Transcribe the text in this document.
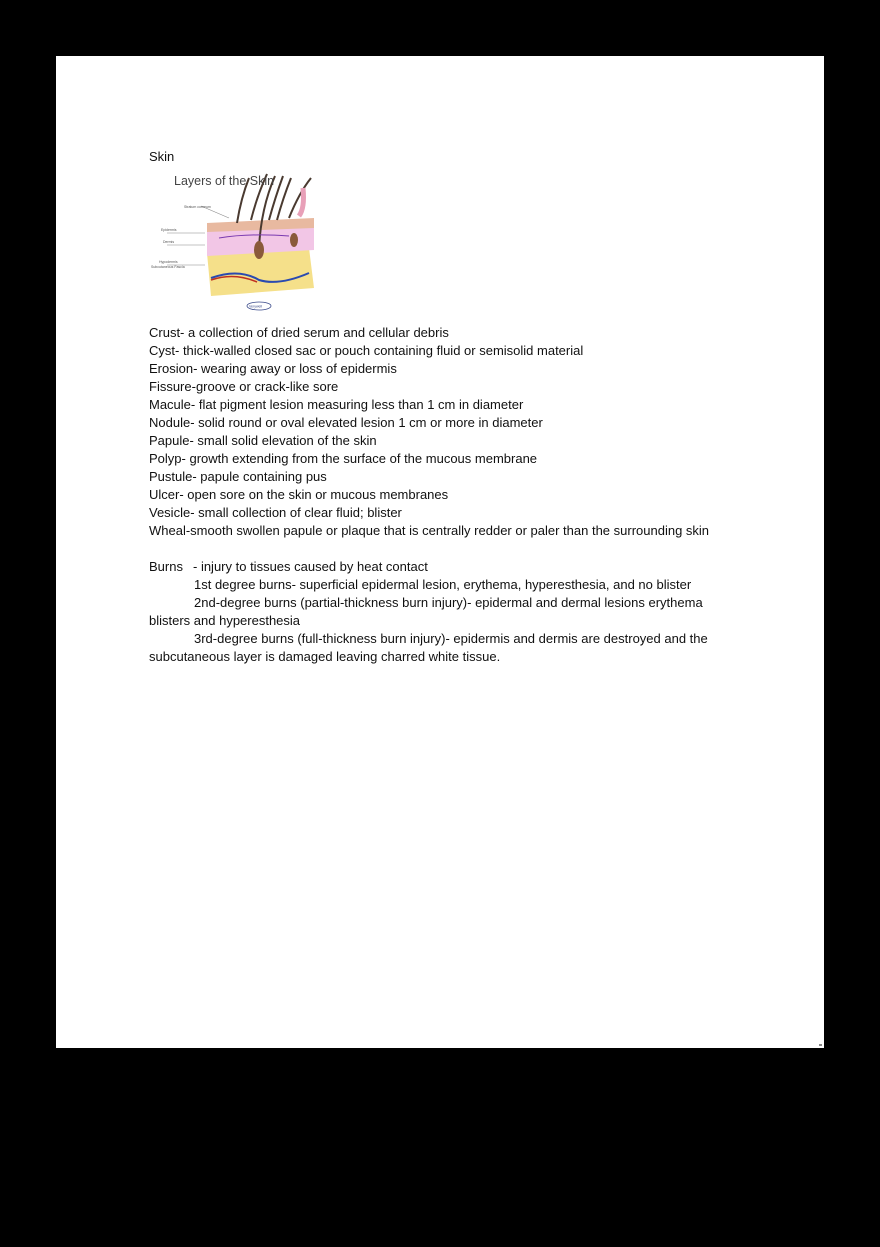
Skin
Stratum corneum
Epidermis
Dermis
Hypodermis
Subcutaneous Fascia
Verywell
Layers of the Skin
Crust- a collection of dried serum and cellular debris
Cyst- thick-walled closed sac or pouch containing fluid or semisolid material
Erosion- wearing away or loss of epidermis
Fissure-groove or crack-like sore
Macule- flat pigment lesion measuring less than 1 cm in diameter
Nodule- solid round or oval elevated lesion 1 cm or more in diameter
Papule- small solid elevation of the skin
Polyp- growth extending from the surface of the mucous membrane
Pustule- papule containing pus
Ulcer- open sore on the skin or mucous membranes
Vesicle- small collection of clear fluid; blister
Wheal-smooth swollen papule or plaque that is centrally redder or paler than the surrounding skin
Burns - injury to tissues caused by heat contact
1st degree burns- superficial epidermal lesion, erythema, hyperesthesia, and no blister
2nd-degree burns (partial-thickness burn injury)- epidermal and dermal lesions erythema blisters and hyperesthesia
3rd-degree burns (full-thickness burn injury)- epidermis and dermis are destroyed and the subcutaneous layer is damaged leaving charred white tissue.
